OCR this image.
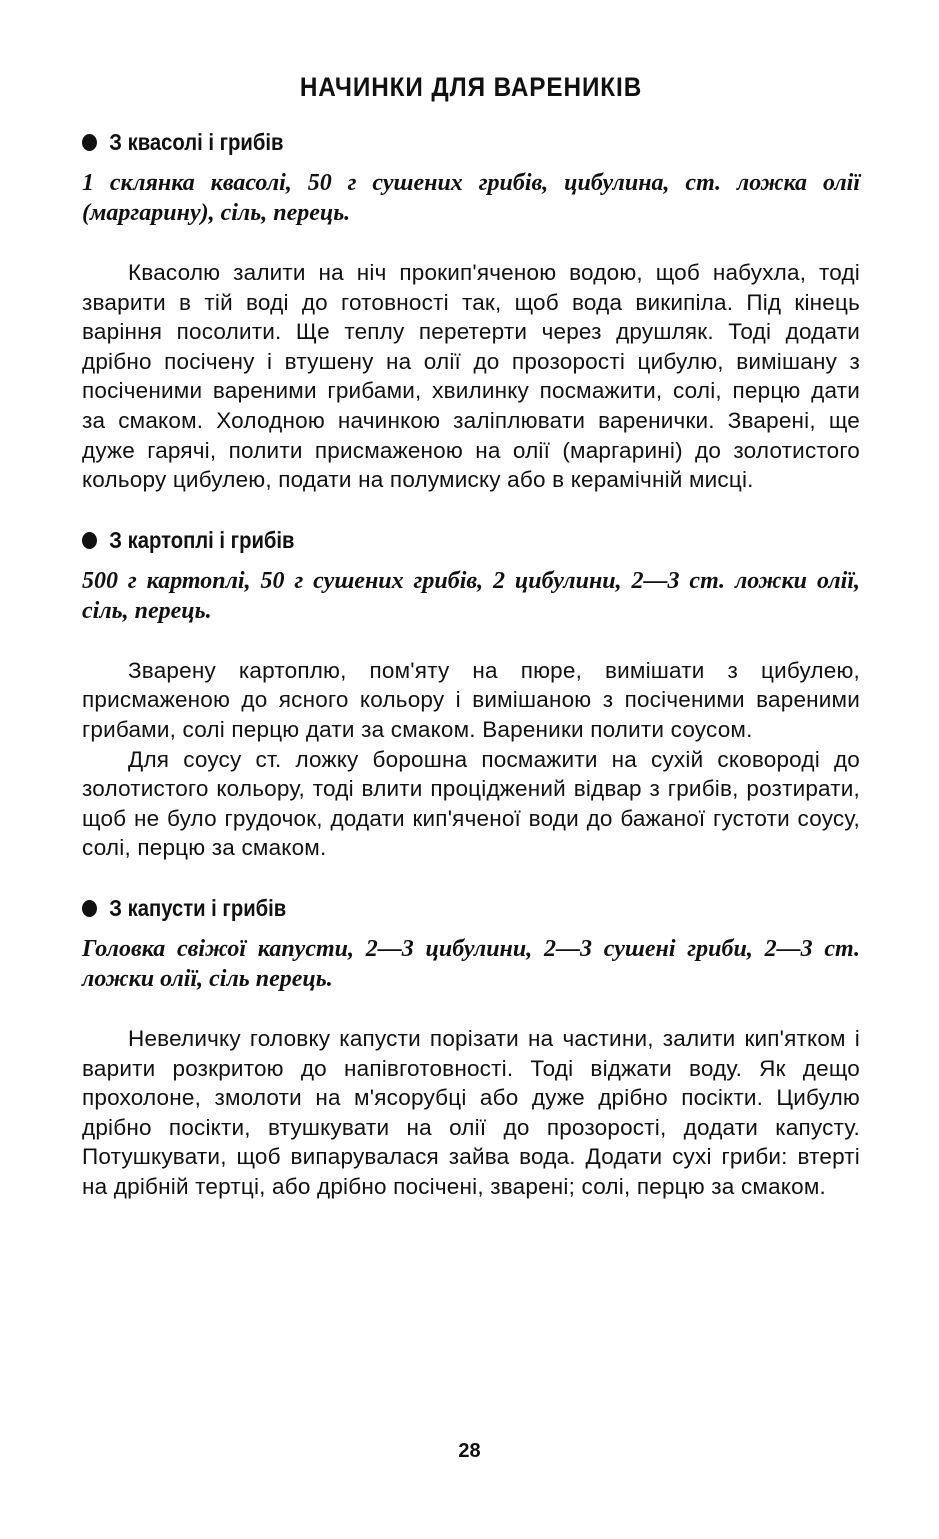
НАЧИНКИ ДЛЯ ВАРЕНИКІВ
З квасолі і грибів

1 склянка квасолі, 50 г сушених грибів, цибулина, ст. ложка олії (маргарину), сіль, перець.

Квасолю залити на ніч прокип'яченою водою, щоб набухла, тоді зварити в тій воді до готовності так, щоб вода википіла. Під кінець варіння посолити. Ще теплу перетерти через друшляк. Тоді додати дрібно посічену і втушену на олії до прозорості цибулю, вимішану з посіченими вареними грибами, хвилинку посмажити, солі, перцю дати за смаком. Холодною начинкою заліплювати варенички. Зварені, ще дуже гарячі, полити присмаженою на олії (маргарині) до золотистого кольору цибулею, подати на полумиску або в керамічній мисці.

З картоплі і грибів

500 г картоплі, 50 г сушених грибів, 2 цибулини, 2—3 ст. ложки олії, сіль, перець.

Зварену картоплю, пом'яту на пюре, вимішати з цибулею, присмаженою до ясного кольору і вимішаною з посіченими вареними грибами, солі перцю дати за смаком. Вареники полити соусом.

Для соусу ст. ложку борошна посмажити на сухій сковороді до золотистого кольору, тоді влити проціджений відвар з грибів, розтирати, щоб не було грудочок, додати кип'яченої води до бажаної густоти соусу, солі, перцю за смаком.

З капусти і грибів

Головка свіжої капусти, 2—3 цибулини, 2—3 сушені гриби, 2—3 ст. ложки олії, сіль перець.

Невеличку головку капусти порізати на частини, залити кип'ятком і варити розкритою до напівготовності. Тоді віджати воду. Як дещо прохолоне, змолоти на м'ясорубці або дуже дрібно посікти. Цибулю дрібно посікти, втушкувати на олії до прозорості, додати капусту. Потушкувати, щоб випарувалася зайва вода. Додати сухі гриби: втерті на дрібній тертці, або дрібно посічені, зварені; солі, перцю за смаком.

28
